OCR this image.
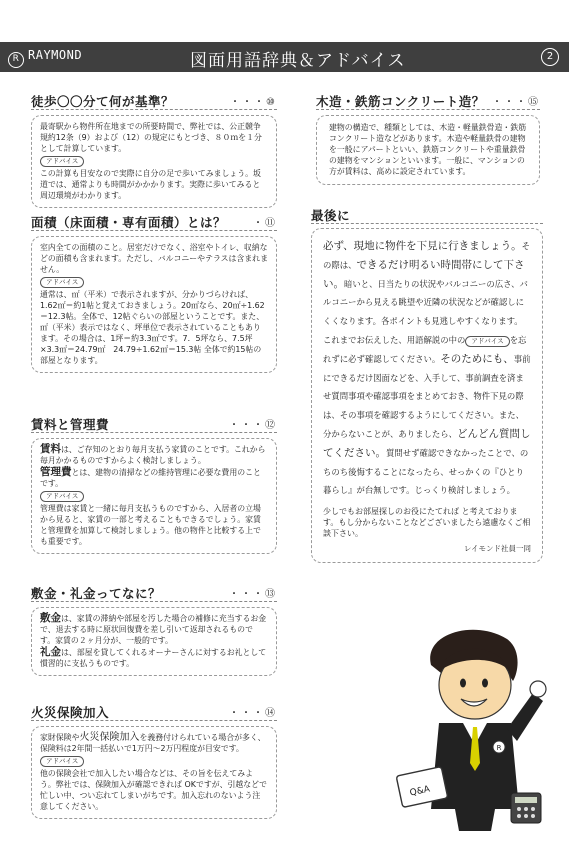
R RAYMOND	図面用語辞典＆アドバイス	2
徒歩〇〇分て何が基準？	・・・⑩

最寄駅から物件所在地までの所要時間で、弊社では、公正競争規約12条（9）および（12）の規定にもとづき、８０ｍを１分として計算しています。

アドバイス

この計算も目安なので実際に自分の足で歩いてみましょう。坂道では、通常よりも時間がかかかります。実際に歩いてみると周辺環境がわかります。

面積（床面積・専有面積）とは？	・⑪

室内全ての面積のこと。居室だけでなく、浴室やトイレ、収納などの面積も含まれます。ただし、バルコニーやテラスは含まれません。

アドバイス

通常は、㎡（平米）で表示されますが、分かりづらければ、1.62㎡＝約1帖と覚えておきましょう。20㎡なら、20㎡÷1.62＝12.3帖。全体で、12帖ぐらいの部屋ということです。また、㎡（平米）表示ではなく、坪単位で表示されていることもあります。その場合は、1坪＝約3.3㎡です。7．5坪なら、7.5坪×3.3㎡＝24.79㎡　24.79÷1.62㎡＝15.3帖 全体で約15帖の部屋となります。

賃料と管理費	・・・⑫

賃料は、ご存知のとおり毎月支払う家賃のことです。これから毎月かかるものですからよく検討しましょう。

管理費とは、建物の清掃などの維持管理に必要な費用のことです。

アドバイス

管理費は家賃と一緒に毎月支払うものですから、入居者の立場から見ると、家賃の一部と考えることもできるでしょう。家賃と管理費を加算して検討しましょう。他の物件と比較する上でも重要です。

敷金・礼金ってなに？	・・・⑬

敷金は、家賃の滞納や部屋を汚した場合の補修に充当するお金で、退去する時に原状回復費を差し引いて返却されるものです。家賃の２ヶ月分が、一般的です。

礼金は、部屋を貸してくれるオーナーさんに対するお礼として慣習的に支払うものです。

火災保険加入	・・・⑭

家財保険や火災保険加入を義務付けられている場合が多く、保険料は2年間一括払いで1万円～2万円程度が目安です。

アドバイス

他の保険会社で加入したい場合などは、その旨を伝えてみよう。弊社では、保険加入が確認できれば OKですが、引越などで忙しい中、つい忘れてしまいがちです。加入忘れのないよう注意してください。

木造・鉄筋コンクリート造？ ・・・⑮

建物の構造で、種類としては、木造・軽量鉄骨造・鉄筋コンクリート造などがあります。木造や軽量鉄骨の建物を一般にアパートといい、鉄筋コンクリートや重量鉄骨の建物をマンションといいます。一般に、マンションの方が賃料は、高めに設定されています。

最後に
必ず、現地に物件を下見に行きましょう。その際は、できるだけ明るい時間帯にして下さい。暗いと、日当たりの状況やバルコニーの広さ、バルコニーから見える眺望や近隣の状況などが確認しにくくなります。各ポイントも見逃しやすくなります。これまでお伝えした、用語解説の中の アドバイス を忘れずに必ず確認してください。そのためにも、事前にできるだけ図面などを、入手して、事前調査を済ませ質問事項や確認事項をまとめておき、物件下見の際は、その事項を確認するようにしてください。また、分からないことが、ありましたら、どんどん質問してください。質問せず確認できなかったことで、のちのち後悔することになったら、せっかくの『ひとり暮らし』が台無しです。じっくり検討しましょう。
少しでもお部屋探しのお役にたてれば と考えております。もし分からないことなどございましたら遠慮なくご相談下さい。
レイモンド社員一同
R
Q&A
